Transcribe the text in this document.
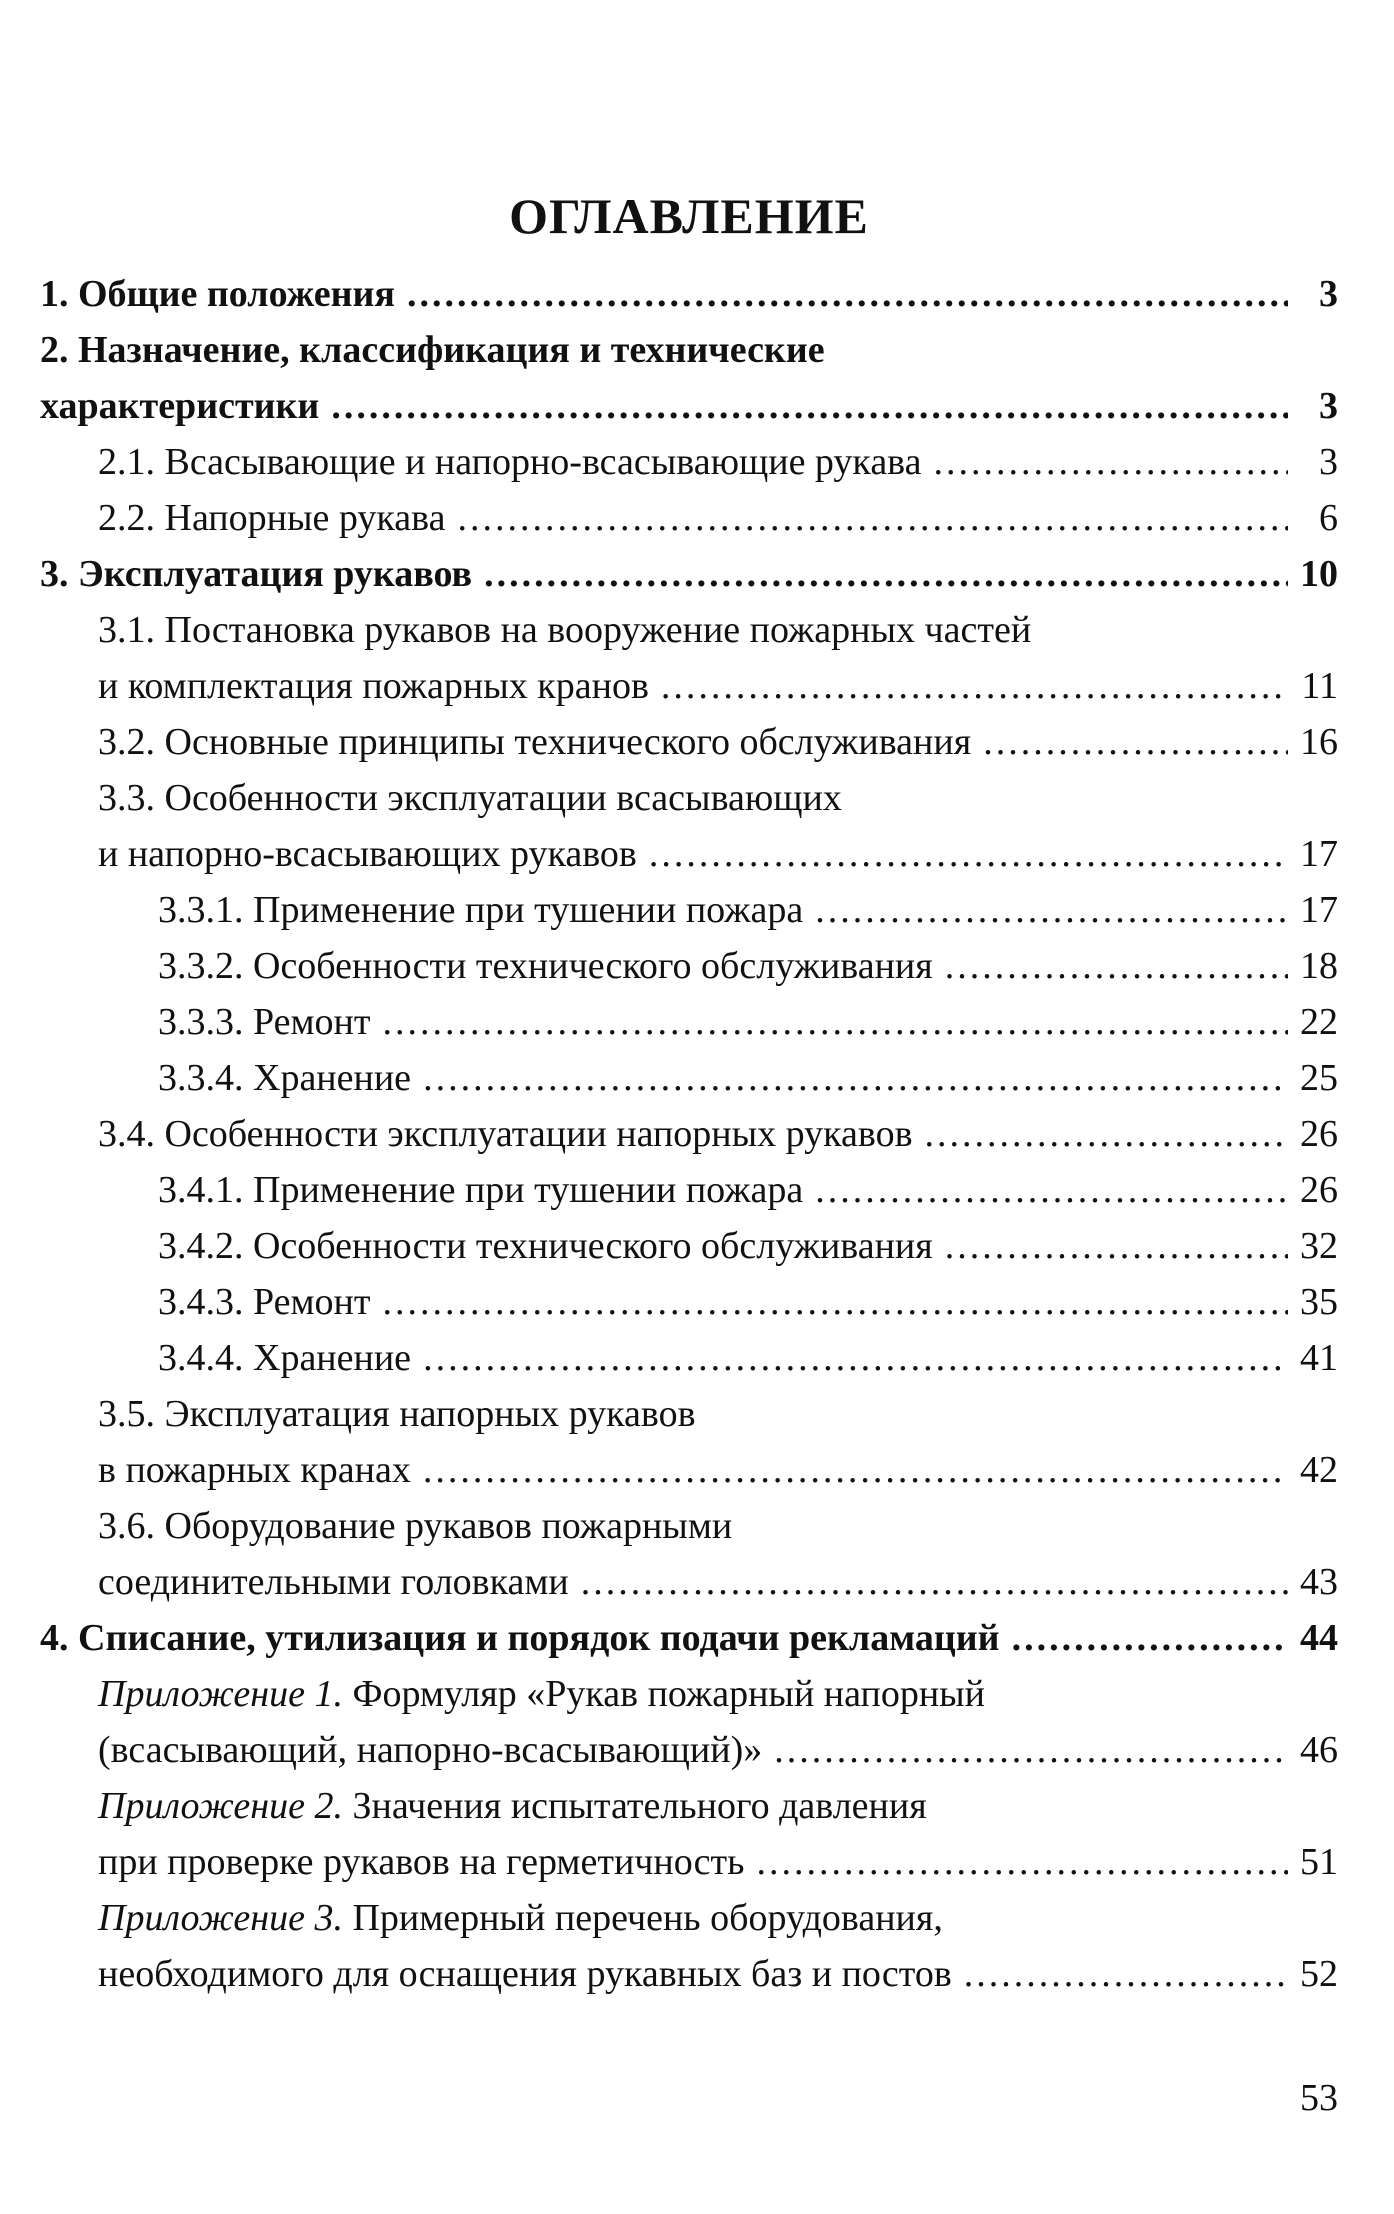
ОГЛАВЛЕНИЕ
1. Общие положения .....	3
2. Назначение, классификация и технические
характеристики .....	3
2.1. Всасывающие и напорно-всасывающие рукава .....	3
2.2. Напорные рукава .....	6
3. Эксплуатация рукавов .....	10
3.1. Постановка рукавов на вооружение пожарных частей
и комплектация пожарных кранов .....	11
3.2. Основные принципы технического обслуживания .....	16
3.3. Особенности эксплуатации всасывающих
и напорно-всасывающих рукавов .....	17
3.3.1. Применение при тушении пожара .....	17
3.3.2. Особенности технического обслуживания .....	18
3.3.3. Ремонт .....	22
3.3.4. Хранение .....	25
3.4. Особенности эксплуатации напорных рукавов .....	26
3.4.1. Применение при тушении пожара .....	26
3.4.2. Особенности технического обслуживания .....	32
3.4.3. Ремонт .....	35
3.4.4. Хранение .....	41
3.5. Эксплуатация напорных рукавов
в пожарных кранах .....	42
3.6. Оборудование рукавов пожарными
соединительными головками .....	43
4. Списание, утилизация и порядок подачи рекламаций .....	44
Приложение 1. Формуляр «Рукав пожарный напорный
(всасывающий, напорно-всасывающий)» .....	46
Приложение 2. Значения испытательного давления
при проверке рукавов на герметичность .....	51
Приложение 3. Примерный перечень оборудования,
необходимого для оснащения рукавных баз и постов .....	52
53
